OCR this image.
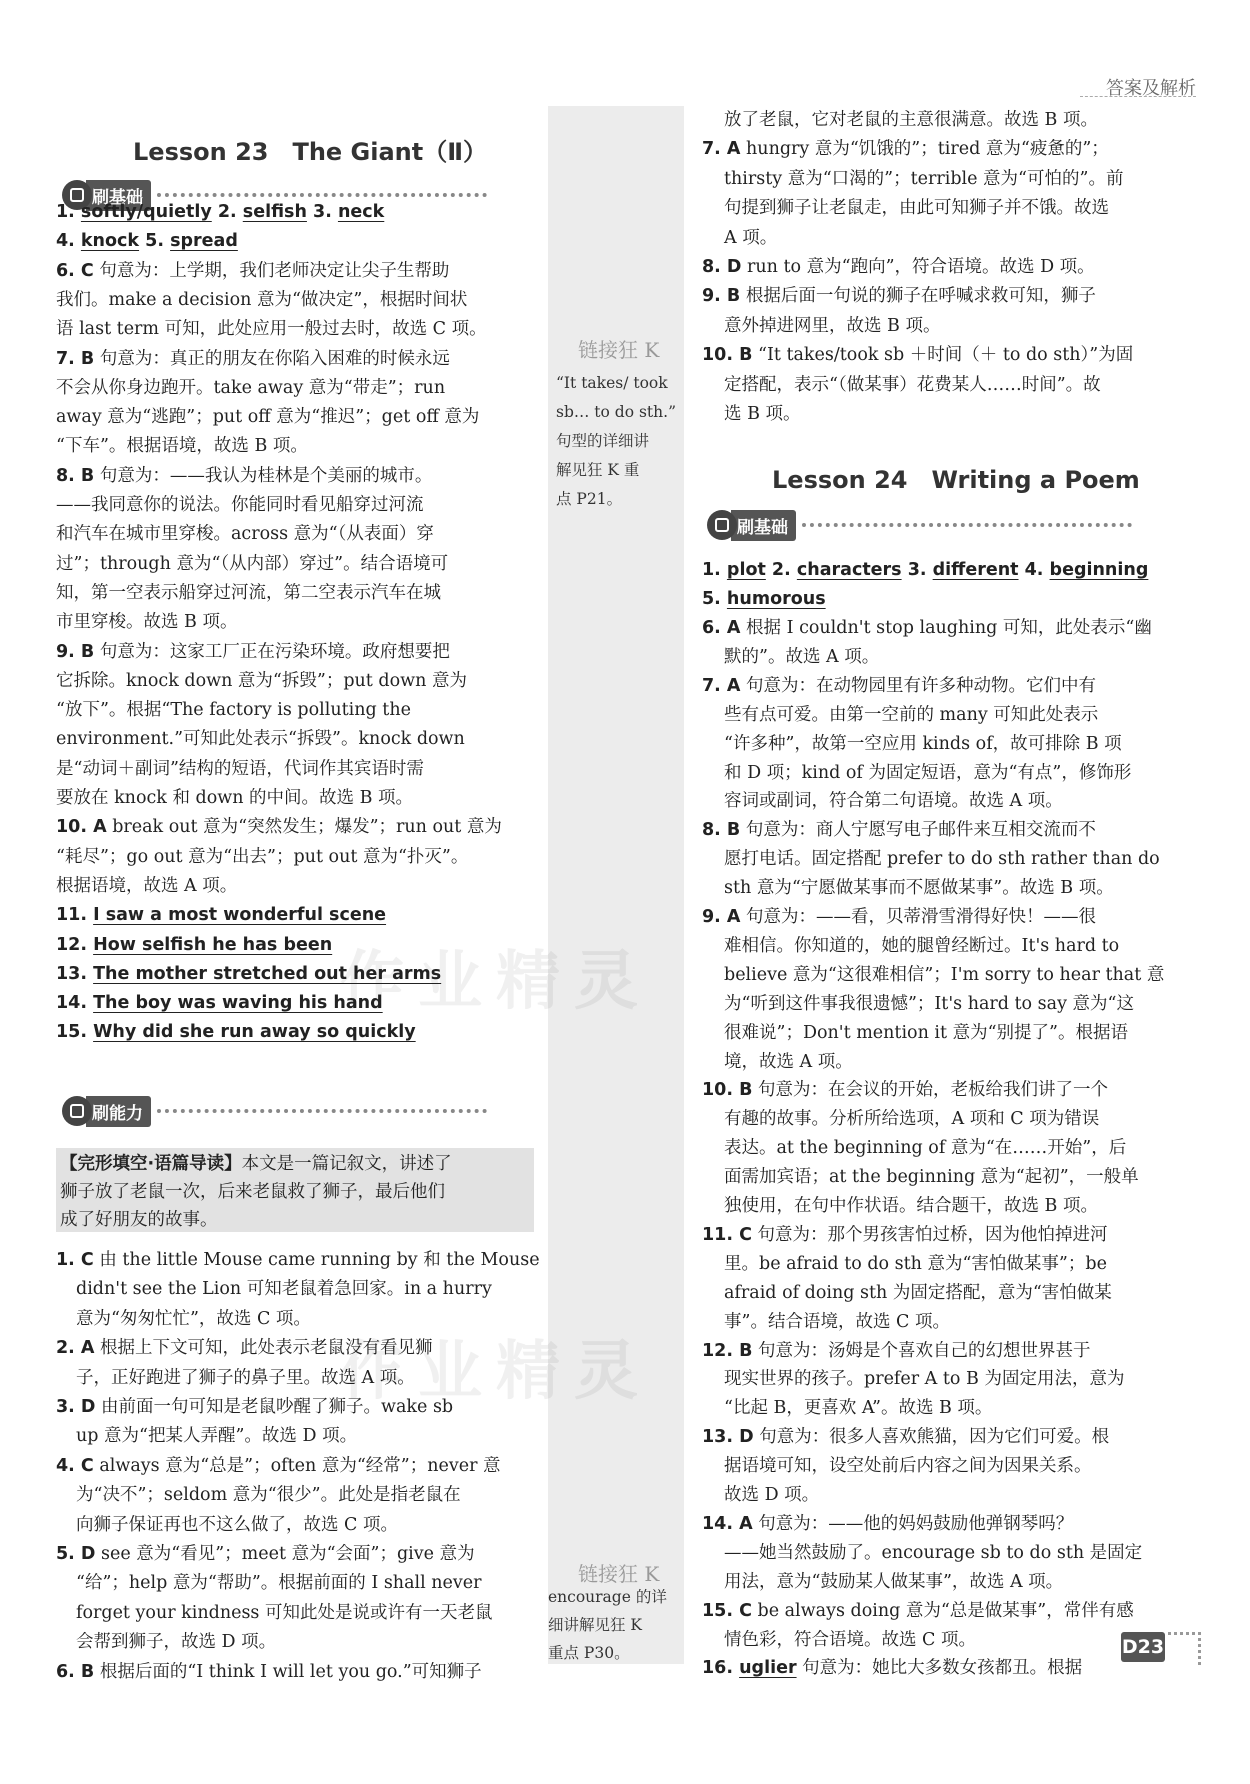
答案及解析
链接狂 K
“It takes/ took
sb… to do sth.”
句型的详细讲
解见狂 K 重
点 P21。
链接狂 K
encourage 的详
细讲解见狂 K
重点 P30。
作业精灵
作业精灵
Lesson 23　The Giant（Ⅱ）
刷基础
1. softly/quietly 2. selfish 3. neck
4. knock 5. spread
6. C 句意为：上学期，我们老师决定让尖子生帮助
我们。make a decision 意为“做决定”，根据时间状
语 last term 可知，此处应用一般过去时，故选 C 项。
7. B 句意为：真正的朋友在你陷入困难的时候永远
不会从你身边跑开。take away 意为“带走”；run
away 意为“逃跑”；put off 意为“推迟”；get off 意为
“下车”。根据语境，故选 B 项。
8. B 句意为：——我认为桂林是个美丽的城市。
——我同意你的说法。你能同时看见船穿过河流
和汽车在城市里穿梭。across 意为“（从表面）穿
过”；through 意为“（从内部）穿过”。结合语境可
知，第一空表示船穿过河流，第二空表示汽车在城
市里穿梭。故选 B 项。
9. B 句意为：这家工厂正在污染环境。政府想要把
它拆除。knock down 意为“拆毁”；put down 意为
“放下”。根据“The factory is polluting the
environment.”可知此处表示“拆毁”。knock down
是“动词＋副词”结构的短语，代词作其宾语时需
要放在 knock 和 down 的中间。故选 B 项。
10. A break out 意为“突然发生；爆发”；run out 意为
“耗尽”；go out 意为“出去”；put out 意为“扑灭”。
根据语境，故选 A 项。
11. I saw a most wonderful scene
12. How selfish he has been
13. The mother stretched out her arms
14. The boy was waving his hand
15. Why did she run away so quickly
刷能力
【完形填空·语篇导读】本文是一篇记叙文，讲述了
狮子放了老鼠一次，后来老鼠救了狮子，最后他们
成了好朋友的故事。
1. C 由 the little Mouse came running by 和 the Mouse
didn't see the Lion 可知老鼠着急回家。in a hurry
意为“匆匆忙忙”，故选 C 项。
2. A 根据上下文可知，此处表示老鼠没有看见狮
子，正好跑进了狮子的鼻子里。故选 A 项。
3. D 由前面一句可知是老鼠吵醒了狮子。wake sb
up 意为“把某人弄醒”。故选 D 项。
4. C always 意为“总是”；often 意为“经常”；never 意
为“决不”；seldom 意为“很少”。此处是指老鼠在
向狮子保证再也不这么做了，故选 C 项。
5. D see 意为“看见”；meet 意为“会面”；give 意为
“给”；help 意为“帮助”。根据前面的 I shall never
forget your kindness 可知此处是说或许有一天老鼠
会帮到狮子，故选 D 项。
6. B 根据后面的“I think I will let you go.”可知狮子
放了老鼠，它对老鼠的主意很满意。故选 B 项。
7. A hungry 意为“饥饿的”；tired 意为“疲惫的”；
thirsty 意为“口渴的”；terrible 意为“可怕的”。前
句提到狮子让老鼠走，由此可知狮子并不饿。故选
A 项。
8. D run to 意为“跑向”，符合语境。故选 D 项。
9. B 根据后面一句说的狮子在呼喊求救可知，狮子
意外掉进网里，故选 B 项。
10. B “It takes/took sb ＋时间（＋ to do sth）”为固
定搭配，表示“（做某事）花费某人……时间”。故
选 B 项。
Lesson 24　Writing a Poem
刷基础
1. plot 2. characters 3. different 4. beginning
5. humorous
6. A 根据 I couldn't stop laughing 可知，此处表示“幽
默的”。故选 A 项。
7. A 句意为：在动物园里有许多种动物。它们中有
些有点可爱。由第一空前的 many 可知此处表示
“许多种”，故第一空应用 kinds of，故可排除 B 项
和 D 项；kind of 为固定短语，意为“有点”，修饰形
容词或副词，符合第二句语境。故选 A 项。
8. B 句意为：商人宁愿写电子邮件来互相交流而不
愿打电话。固定搭配 prefer to do sth rather than do
sth 意为“宁愿做某事而不愿做某事”。故选 B 项。
9. A 句意为：——看，贝蒂滑雪滑得好快！——很
难相信。你知道的，她的腿曾经断过。It's hard to
believe 意为“这很难相信”；I'm sorry to hear that 意
为“听到这件事我很遗憾”；It's hard to say 意为“这
很难说”；Don't mention it 意为“别提了”。根据语
境，故选 A 项。
10. B 句意为：在会议的开始，老板给我们讲了一个
有趣的故事。分析所给选项，A 项和 C 项为错误
表达。at the beginning of 意为“在……开始”，后
面需加宾语；at the beginning 意为“起初”，一般单
独使用，在句中作状语。结合题干，故选 B 项。
11. C 句意为：那个男孩害怕过桥，因为他怕掉进河
里。be afraid to do sth 意为“害怕做某事”；be
afraid of doing sth 为固定搭配，意为“害怕做某
事”。结合语境，故选 C 项。
12. B 句意为：汤姆是个喜欢自己的幻想世界甚于
现实世界的孩子。prefer A to B 为固定用法，意为
“比起 B，更喜欢 A”。故选 B 项。
13. D 句意为：很多人喜欢熊猫，因为它们可爱。根
据语境可知，设空处前后内容之间为因果关系。
故选 D 项。
14. A 句意为：——他的妈妈鼓励他弹钢琴吗？
——她当然鼓励了。encourage sb to do sth 是固定
用法，意为“鼓励某人做某事”，故选 A 项。
15. C be always doing 意为“总是做某事”，常伴有感
情色彩，符合语境。故选 C 项。
16. uglier 句意为：她比大多数女孩都丑。根据
D23
